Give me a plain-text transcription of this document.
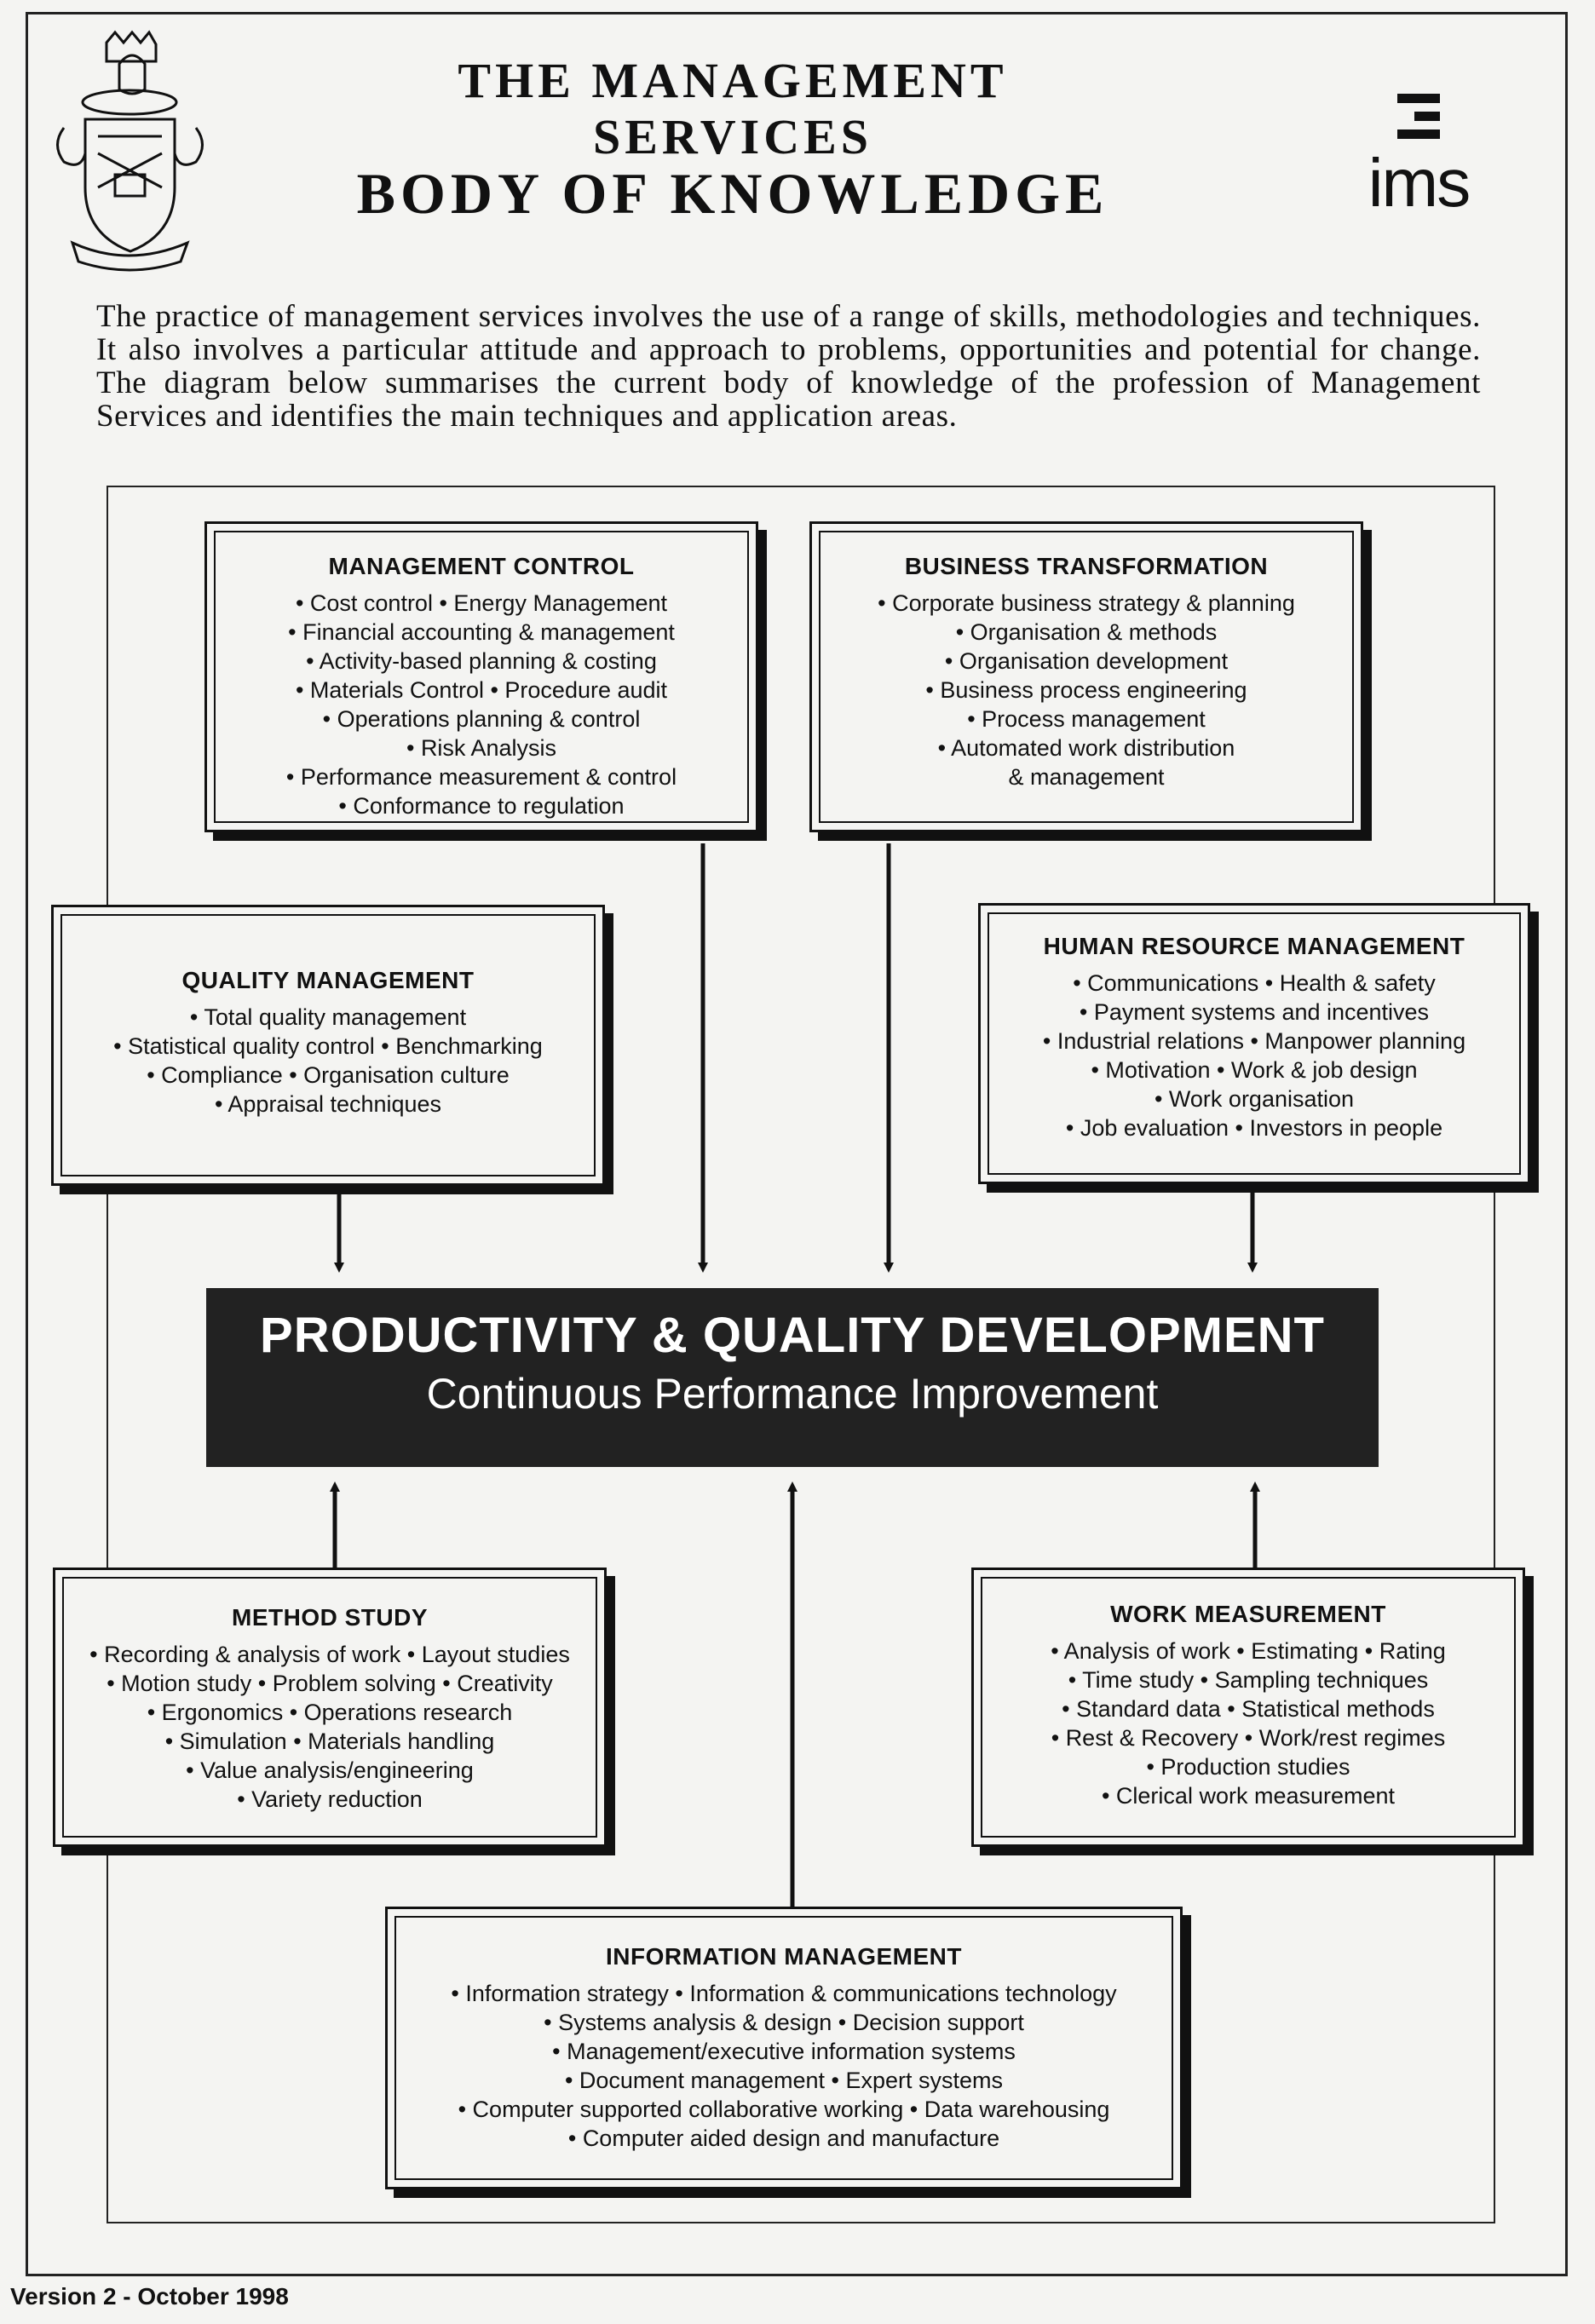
THE MANAGEMENT
SERVICES
BODY OF KNOWLEDGE	ims
The practice of management services involves the use of a range of skills, methodologies and techniques. It also involves a particular attitude and approach to problems, opportunities and potential for change. The diagram below summarises the current body of knowledge of the profession of Management Services and identifies the main techniques and application areas.
MANAGEMENT CONTROL
• Cost control • Energy Management
• Financial accounting & management
• Activity-based planning & costing
• Materials Control • Procedure audit
• Operations planning & control
• Risk Analysis
• Performance measurement & control
• Conformance to regulation
BUSINESS TRANSFORMATION
• Corporate business strategy & planning
• Organisation & methods
• Organisation development
• Business process engineering
• Process management
• Automated work distribution
& management
QUALITY MANAGEMENT
• Total quality management
• Statistical quality control • Benchmarking
• Compliance • Organisation culture
• Appraisal techniques
HUMAN RESOURCE MANAGEMENT
• Communications • Health & safety
• Payment systems and incentives
• Industrial relations • Manpower planning
• Motivation • Work & job design
• Work organisation
• Job evaluation • Investors in people
PRODUCTIVITY & QUALITY DEVELOPMENT
Continuous Performance Improvement
METHOD STUDY
• Recording & analysis of work • Layout studies
• Motion study • Problem solving • Creativity
• Ergonomics • Operations research
• Simulation • Materials handling
• Value analysis/engineering
• Variety reduction
WORK MEASUREMENT
• Analysis of work • Estimating • Rating
• Time study • Sampling techniques
• Standard data • Statistical methods
• Rest & Recovery • Work/rest regimes
• Production studies
• Clerical work measurement
INFORMATION MANAGEMENT
• Information strategy • Information & communications technology
• Systems analysis & design • Decision support
• Management/executive information systems
• Document management • Expert systems
• Computer supported collaborative working • Data warehousing
• Computer aided design and manufacture
Version 2 - October 1998
